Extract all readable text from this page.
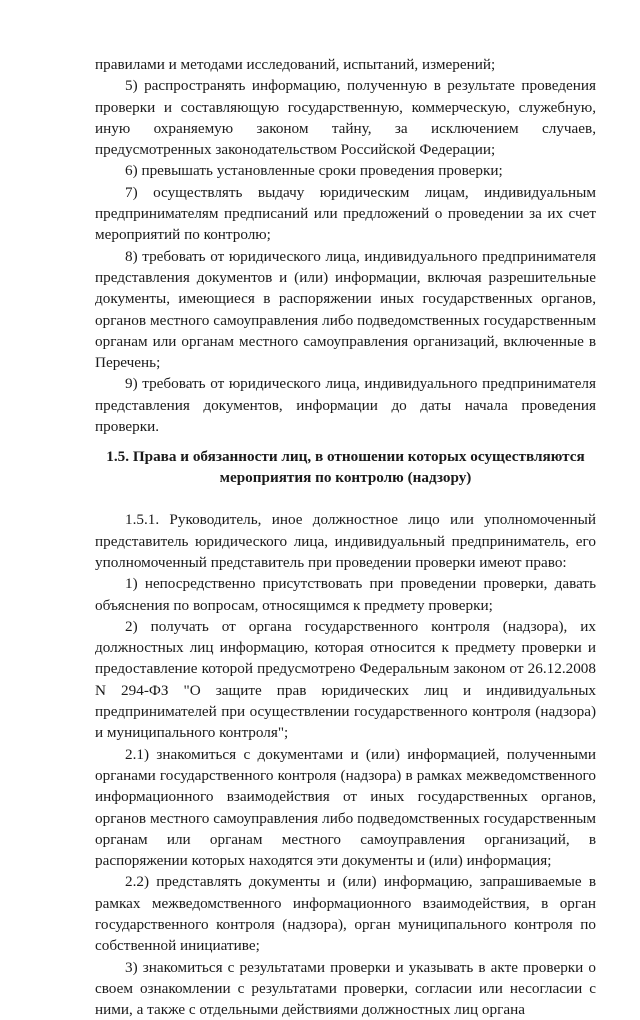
правилами и методами исследований, испытаний, измерений;

5) распространять информацию, полученную в результате проведения проверки и составляющую государственную, коммерческую, служебную, иную охраняемую законом тайну, за исключением случаев, предусмотренных законодательством Российской Федерации;

6) превышать установленные сроки проведения проверки;

7) осуществлять выдачу юридическим лицам, индивидуальным предпринимателям предписаний или предложений о проведении за их счет мероприятий по контролю;

8) требовать от юридического лица, индивидуального предпринимателя представления документов и (или) информации, включая разрешительные документы, имеющиеся в распоряжении иных государственных органов, органов местного самоуправления либо подведомственных государственным органам или органам местного самоуправления организаций, включенные в Перечень;

9) требовать от юридического лица, индивидуального предпринимателя представления документов, информации до даты начала проведения проверки.

1.5. Права и обязанности лиц, в отношении которых осуществляются
мероприятия по контролю (надзору)

1.5.1. Руководитель, иное должностное лицо или уполномоченный представитель юридического лица, индивидуальный предприниматель, его уполномоченный представитель при проведении проверки имеют право:

1) непосредственно присутствовать при проведении проверки, давать объяснения по вопросам, относящимся к предмету проверки;

2) получать от органа государственного контроля (надзора), их должностных лиц информацию, которая относится к предмету проверки и предоставление которой предусмотрено Федеральным законом от 26.12.2008 N 294-ФЗ "О защите прав юридических лиц и индивидуальных предпринимателей при осуществлении государственного контроля (надзора) и муниципального контроля";

2.1) знакомиться с документами и (или) информацией, полученными органами государственного контроля (надзора) в рамках межведомственного информационного взаимодействия от иных государственных органов, органов местного самоуправления либо подведомственных государственным органам или органам местного самоуправления организаций, в распоряжении которых находятся эти документы и (или) информация;

2.2) представлять документы и (или) информацию, запрашиваемые в рамках межведомственного информационного взаимодействия, в орган государственного контроля (надзора), орган муниципального контроля по собственной инициативе;

3) знакомиться с результатами проверки и указывать в акте проверки о своем ознакомлении с результатами проверки, согласии или несогласии с ними, а также с отдельными действиями должностных лиц органа
